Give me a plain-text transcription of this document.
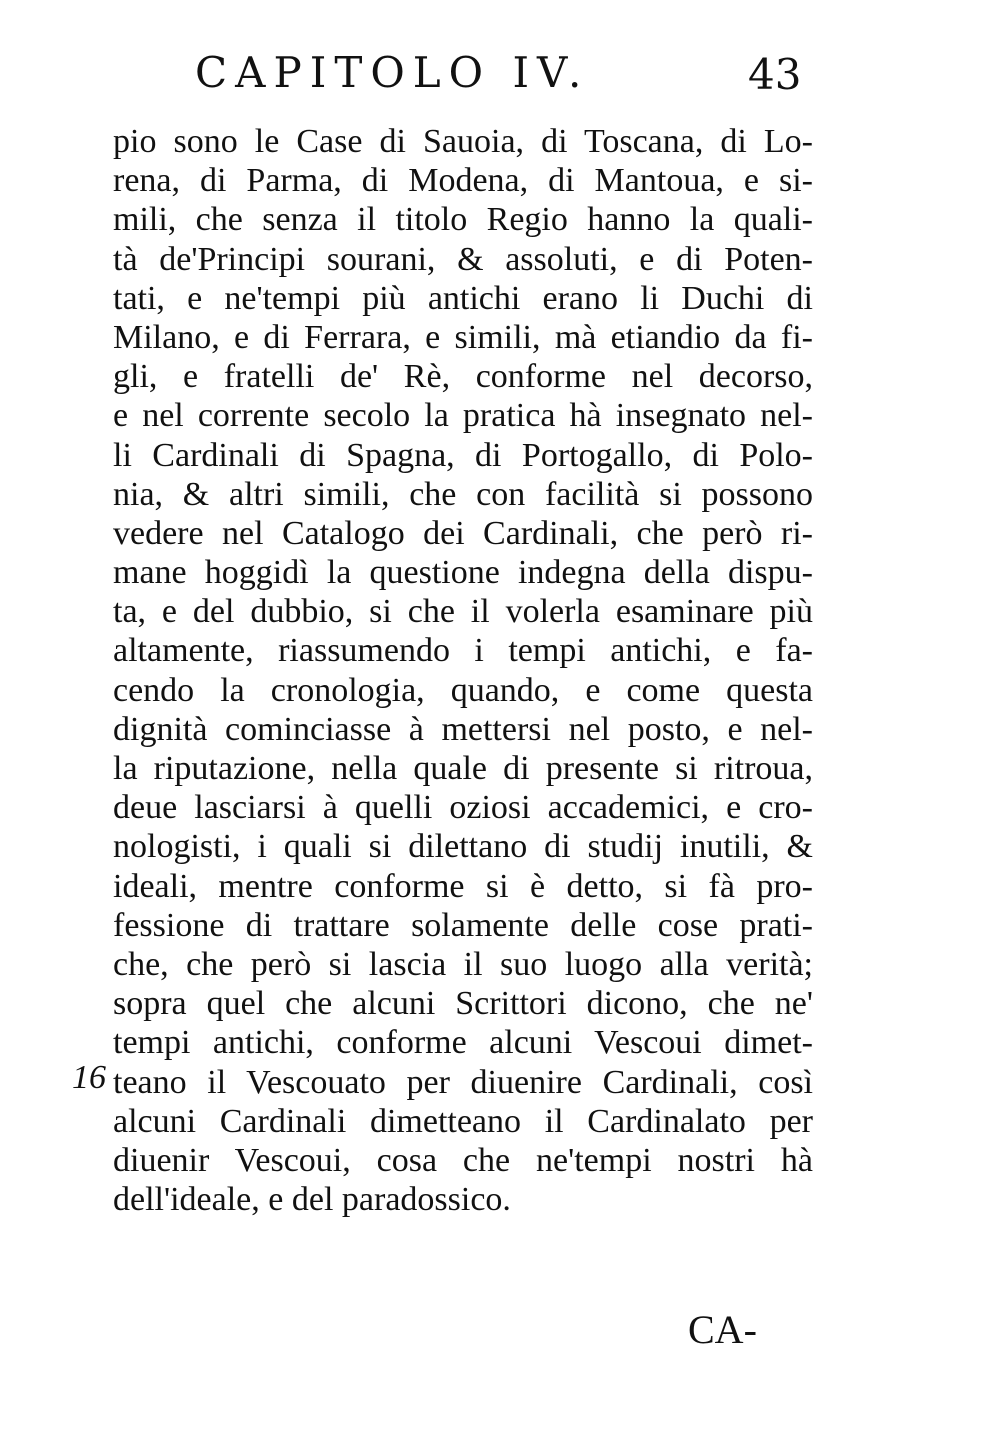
CAPITOLO IV.	43
pio sono le Case di Sauoia, di Toscana, di Lo-
rena, di Parma, di Modena, di Mantoua, e si-
mili, che senza il titolo Regio hanno la quali-
tà de'Principi sourani, & assoluti, e di Poten-
tati, e ne'tempi più antichi erano li Duchi di
Milano, e di Ferrara, e simili, mà etiandio da fi-
gli, e fratelli de' Rè, conforme nel decorso,
e nel corrente secolo la pratica hà insegnato nel-
li Cardinali di Spagna, di Portogallo, di Polo-
nia, & altri simili, che con facilità si possono
vedere nel Catalogo dei Cardinali, che però ri-
mane hoggidì la questione indegna della dispu-
ta, e del dubbio, si che il volerla esaminare più
altamente, riassumendo i tempi antichi, e fa-
cendo la cronologia, quando, e come questa
dignità cominciasse à mettersi nel posto, e nel-
la riputazione, nella quale di presente si ritroua,
deue lasciarsi à quelli oziosi accademici, e cro-
nologisti, i quali si dilettano di studij inutili, &
ideali, mentre conforme si è detto, si fà pro-
fessione di trattare solamente delle cose prati-
che, che però si lascia il suo luogo alla verità;
sopra quel che alcuni Scrittori dicono, che ne'
tempi antichi, conforme alcuni Vescoui dimet-
teano il Vescouato per diuenire Cardinali, così
alcuni Cardinali dimetteano il Cardinalato per
diuenir Vescoui, cosa che ne'tempi nostri hà
dell'ideale, e del paradossico.
16
CA-
